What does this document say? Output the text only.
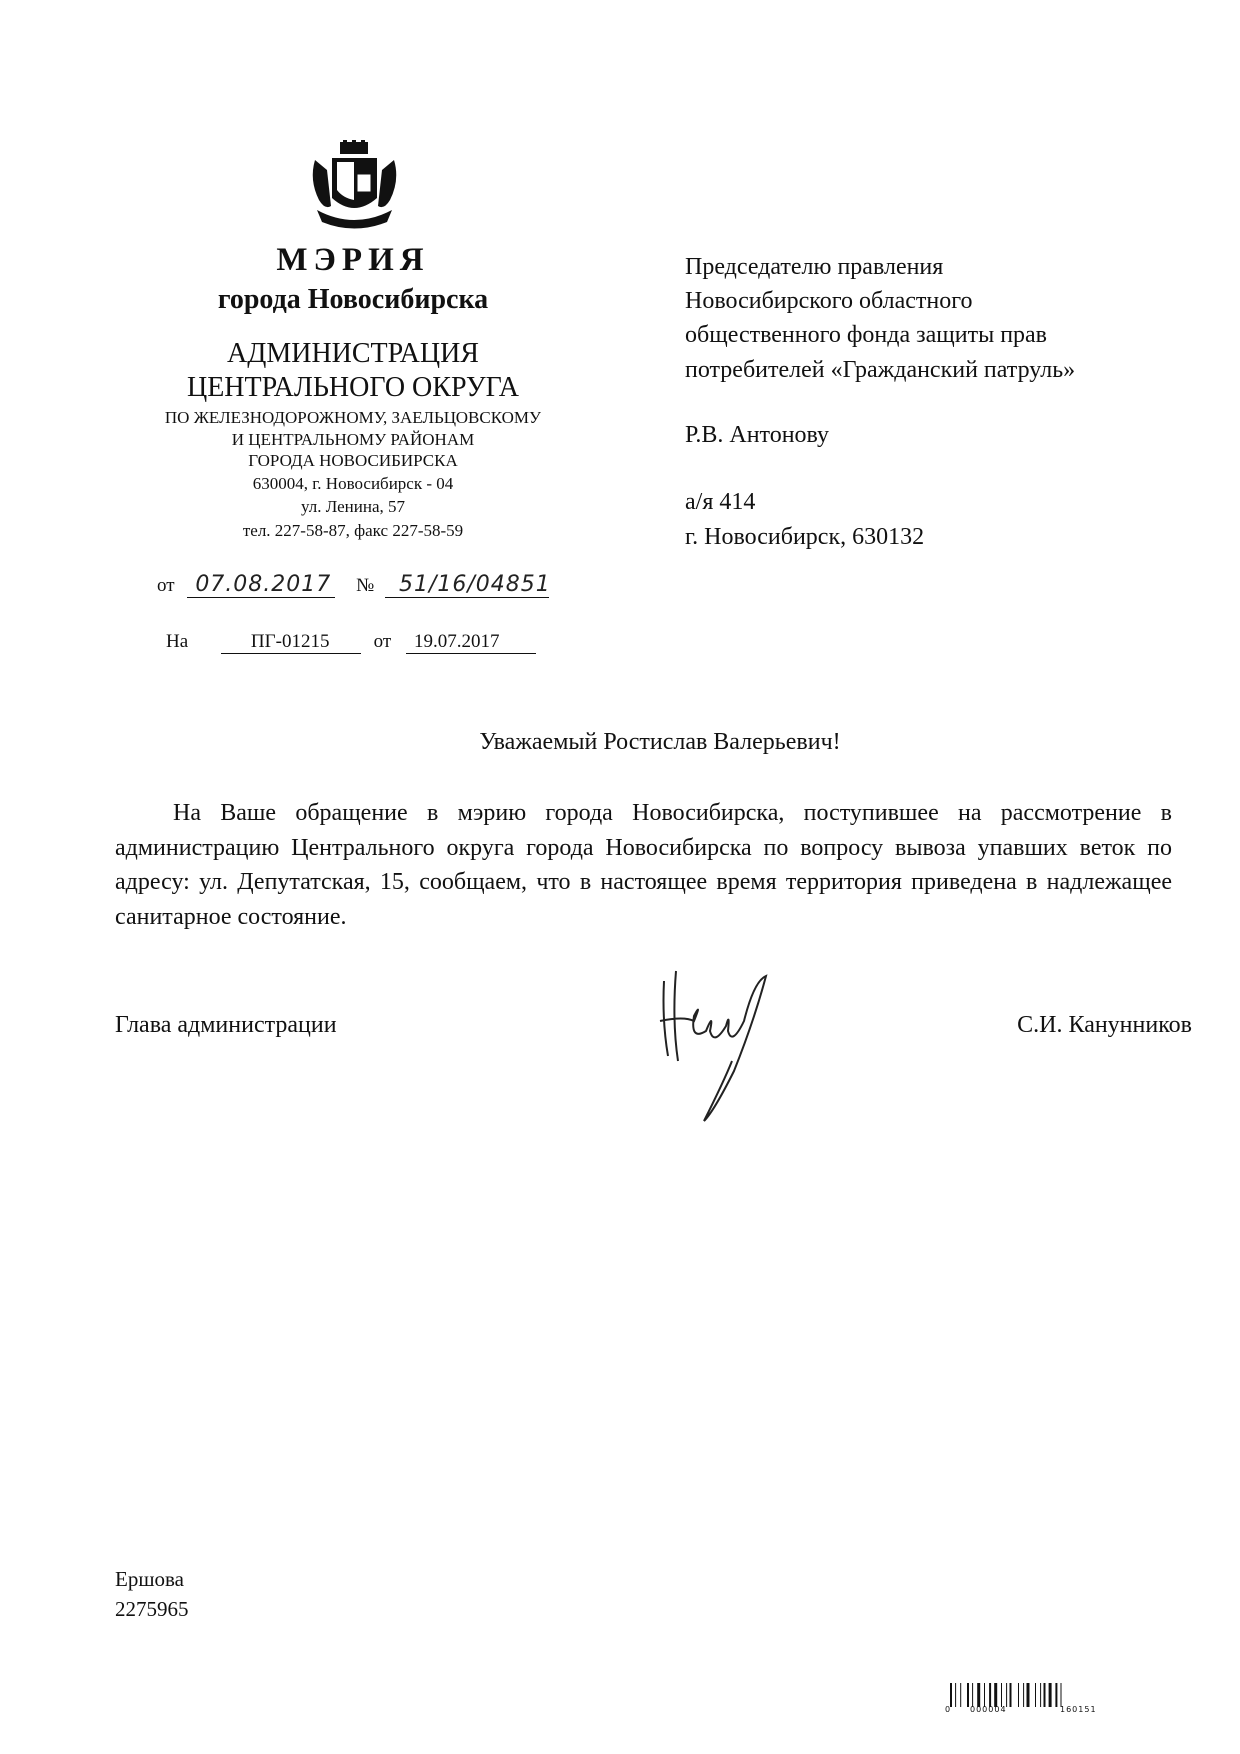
МЭРИЯ
города Новосибирска
АДМИНИСТРАЦИЯ
ЦЕНТРАЛЬНОГО ОКРУГА
ПО ЖЕЛЕЗНОДОРОЖНОМУ, ЗАЕЛЬЦОВСКОМУ
И ЦЕНТРАЛЬНОМУ РАЙОНАМ
ГОРОДА НОВОСИБИРСКА
630004, г. Новосибирск - 04
ул. Ленина, 57
тел. 227-58-87, факс 227-58-59
от 07.08.2017 № 51/16/04851
На	ПГ-01215 от 19.07.2017
Председателю правления
Новосибирского областного
общественного фонда защиты прав
потребителей «Гражданский патруль»
Р.В. Антонову
а/я 414
г. Новосибирск, 630132
Уважаемый Ростислав Валерьевич!
На Ваше обращение в мэрию города Новосибирска, поступившее на рассмотрение в администрацию Центрального округа города Новосибирска по вопросу вывоза упавших веток по адресу: ул. Депутатская, 15, сообщаем, что в настоящее время территория приведена в надлежащее санитарное состояние.
Глава администрации	С.И. Канунников
Ершова
2275965
0 000004	160151
